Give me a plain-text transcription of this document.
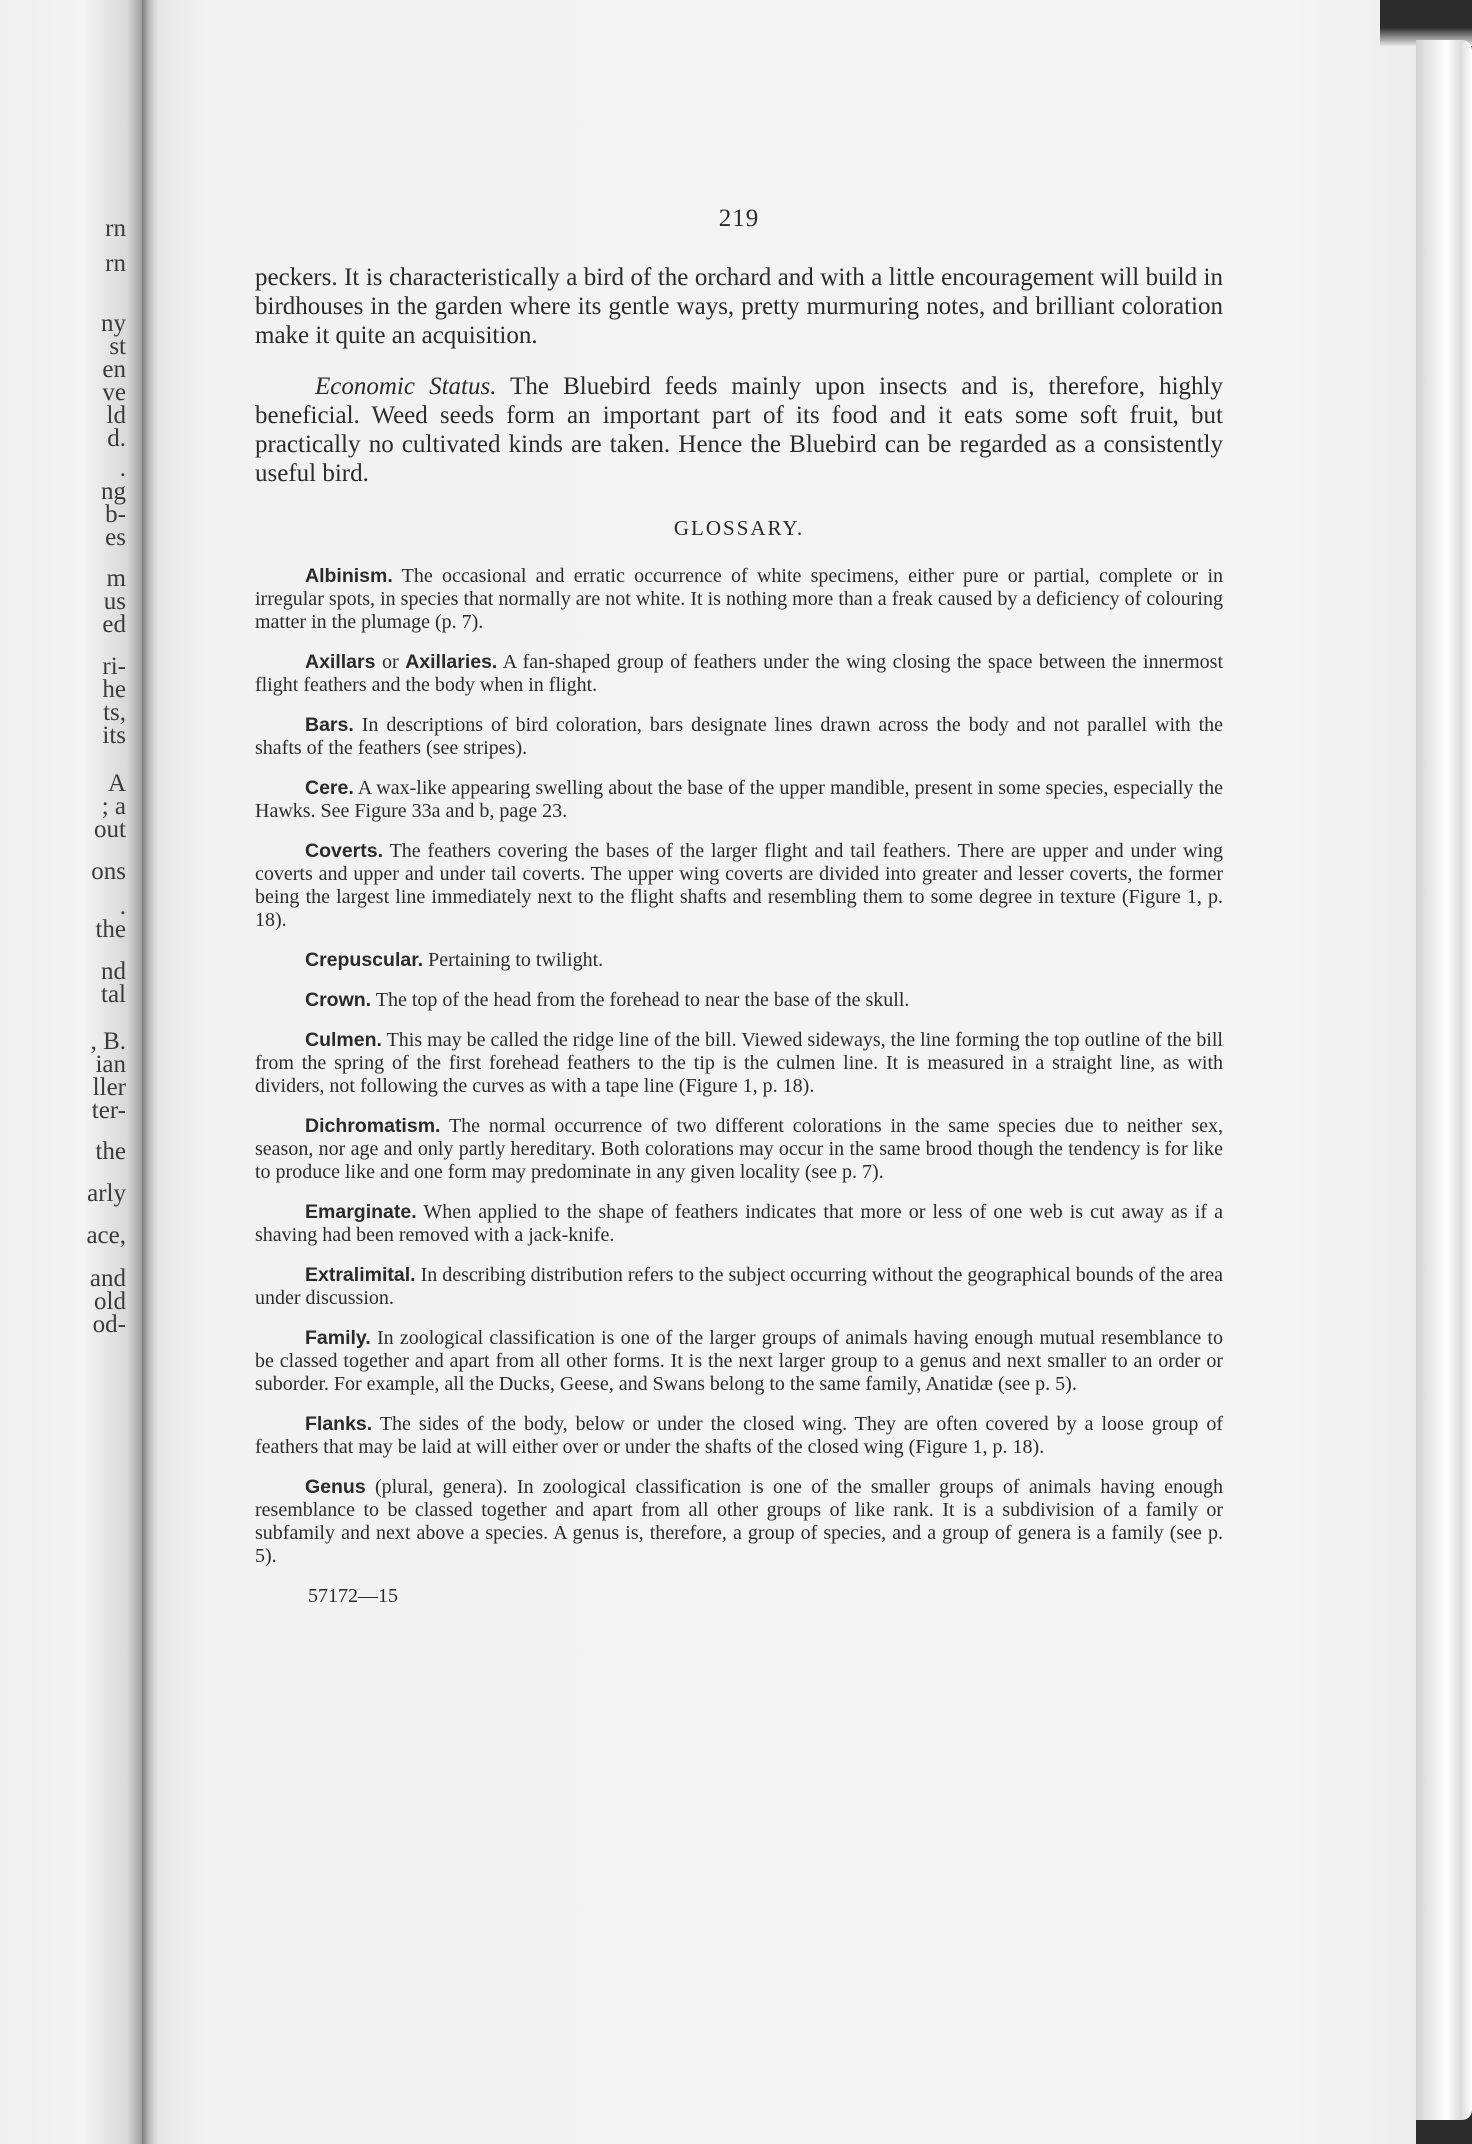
rn
rn
ny
st
en
ve
ld
d.
.
ng
b-
es
m
us
ed
ri-
he
ts,
its
A
; a
out
ons
.
the
nd
tal
, B.
ian
ller
ter-
the
arly
ace,
and
old
od-
219

peckers. It is characteristically a bird of the orchard and with a little encouragement will build in birdhouses in the garden where its gentle ways, pretty murmuring notes, and brilliant coloration make it quite an acquisition.

Economic Status. The Bluebird feeds mainly upon insects and is, therefore, highly beneficial. Weed seeds form an important part of its food and it eats some soft fruit, but practically no cultivated kinds are taken. Hence the Bluebird can be regarded as a consistently useful bird.

GLOSSARY.

Albinism. The occasional and erratic occurrence of white specimens, either pure or partial, complete or in irregular spots, in species that normally are not white. It is nothing more than a freak caused by a deficiency of colouring matter in the plumage (p. 7).

Axillars or Axillaries. A fan-shaped group of feathers under the wing closing the space between the innermost flight feathers and the body when in flight.

Bars. In descriptions of bird coloration, bars designate lines drawn across the body and not parallel with the shafts of the feathers (see stripes).

Cere. A wax-like appearing swelling about the base of the upper mandible, present in some species, especially the Hawks. See Figure 33a and b, page 23.

Coverts. The feathers covering the bases of the larger flight and tail feathers. There are upper and under wing coverts and upper and under tail coverts. The upper wing coverts are divided into greater and lesser coverts, the former being the largest line immediately next to the flight shafts and resembling them to some degree in texture (Figure 1, p. 18).

Crepuscular. Pertaining to twilight.

Crown. The top of the head from the forehead to near the base of the skull.

Culmen. This may be called the ridge line of the bill. Viewed sideways, the line forming the top outline of the bill from the spring of the first forehead feathers to the tip is the culmen line. It is measured in a straight line, as with dividers, not following the curves as with a tape line (Figure 1, p. 18).

Dichromatism. The normal occurrence of two different colorations in the same species due to neither sex, season, nor age and only partly hereditary. Both colorations may occur in the same brood though the tendency is for like to produce like and one form may predominate in any given locality (see p. 7).

Emarginate. When applied to the shape of feathers indicates that more or less of one web is cut away as if a shaving had been removed with a jack-knife.

Extralimital. In describing distribution refers to the subject occurring without the geographical bounds of the area under discussion.

Family. In zoological classification is one of the larger groups of animals having enough mutual resemblance to be classed together and apart from all other forms. It is the next larger group to a genus and next smaller to an order or suborder. For example, all the Ducks, Geese, and Swans belong to the same family, Anatidæ (see p. 5).

Flanks. The sides of the body, below or under the closed wing. They are often covered by a loose group of feathers that may be laid at will either over or under the shafts of the closed wing (Figure 1, p. 18).

Genus (plural, genera). In zoological classification is one of the smaller groups of animals having enough resemblance to be classed together and apart from all other groups of like rank. It is a subdivision of a family or subfamily and next above a species. A genus is, therefore, a group of species, and a group of genera is a family (see p. 5).

57172—15
